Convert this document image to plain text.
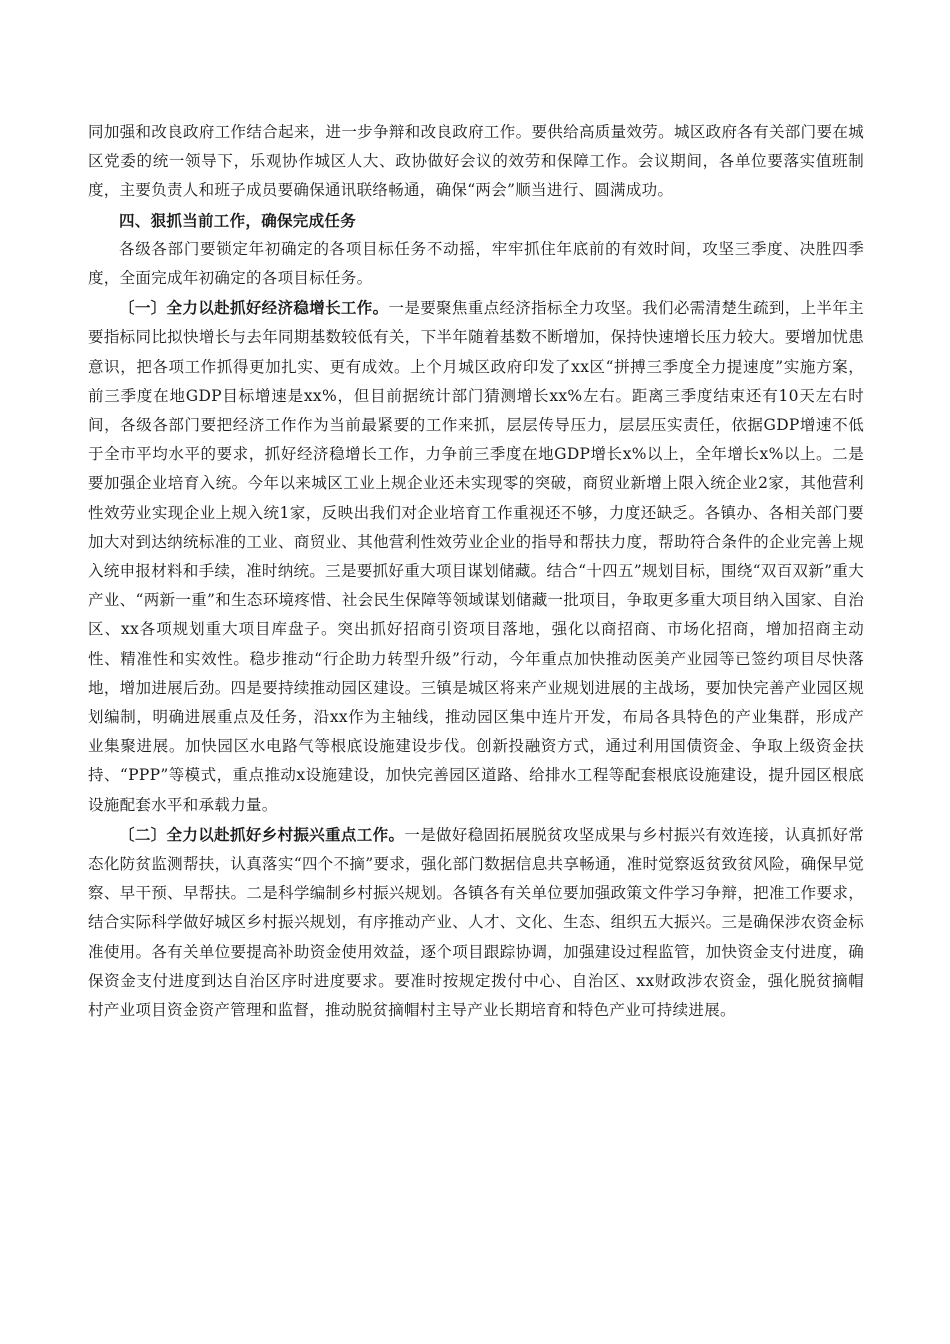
同加强和改良政府工作结合起来，进一步争辩和改良政府工作。要供给高质量效劳。城区政府各有关部门要在城区党委的统一领导下，乐观协作城区人大、政协做好会议的效劳和保障工作。会议期间，各单位要落实值班制度，主要负责人和班子成员要确保通讯联络畅通，确保“两会”顺当进行、圆满成功。

四、狠抓当前工作，确保完成任务

各级各部门要锁定年初确定的各项目标任务不动摇，牢牢抓住年底前的有效时间，攻坚三季度、决胜四季度，全面完成年初确定的各项目标任务。

〔一〕全力以赴抓好经济稳增长工作。一是要聚焦重点经济指标全力攻坚。我们必需清楚生疏到，上半年主要指标同比拟快增长与去年同期基数较低有关，下半年随着基数不断增加，保持快速增长压力较大。要增加忧患意识，把各项工作抓得更加扎实、更有成效。上个月城区政府印发了xx区“拼搏三季度全力提速度”实施方案，前三季度在地GDP目标增速是xx%，但目前据统计部门猜测增长xx%左右。距离三季度结束还有10天左右时间，各级各部门要把经济工作作为当前最紧要的工作来抓，层层传导压力，层层压实责任，依据GDP增速不低于全市平均水平的要求，抓好经济稳增长工作，力争前三季度在地GDP增长x%以上，全年增长x%以上。二是要加强企业培育入统。今年以来城区工业上规企业还未实现零的突破，商贸业新增上限入统企业2家，其他营利性效劳业实现企业上规入统1家，反映出我们对企业培育工作重视还不够，力度还缺乏。各镇办、各相关部门要加大对到达纳统标准的工业、商贸业、其他营利性效劳业企业的指导和帮扶力度，帮助符合条件的企业完善上规入统申报材料和手续，准时纳统。三是要抓好重大项目谋划储藏。结合“十四五”规划目标，围绕“双百双新”重大产业、“两新一重”和生态环境疼惜、社会民生保障等领域谋划储藏一批项目，争取更多重大项目纳入国家、自治区、xx各项规划重大项目库盘子。突出抓好招商引资项目落地，强化以商招商、市场化招商，增加招商主动性、精准性和实效性。稳步推动“行企助力转型升级”行动，今年重点加快推动医美产业园等已签约项目尽快落地，增加进展后劲。四是要持续推动园区建设。三镇是城区将来产业规划进展的主战场，要加快完善产业园区规划编制，明确进展重点及任务，沿xx作为主轴线，推动园区集中连片开发，布局各具特色的产业集群，形成产业集聚进展。加快园区水电路气等根底设施建设步伐。创新投融资方式，通过利用国债资金、争取上级资金扶持、“PPP”等模式，重点推动x设施建设，加快完善园区道路、给排水工程等配套根底设施建设，提升园区根底设施配套水平和承载力量。

〔二〕全力以赴抓好乡村振兴重点工作。一是做好稳固拓展脱贫攻坚成果与乡村振兴有效连接，认真抓好常态化防贫监测帮扶，认真落实“四个不摘”要求，强化部门数据信息共享畅通，准时觉察返贫致贫风险，确保早觉察、早干预、早帮扶。二是科学编制乡村振兴规划。各镇各有关单位要加强政策文件学习争辩，把准工作要求，结合实际科学做好城区乡村振兴规划，有序推动产业、人才、文化、生态、组织五大振兴。三是确保涉农资金标准使用。各有关单位要提高补助资金使用效益，逐个项目跟踪协调，加强建设过程监管，加快资金支付进度，确保资金支付进度到达自治区序时进度要求。要准时按规定拨付中心、自治区、xx财政涉农资金，强化脱贫摘帽村产业项目资金资产管理和监督，推动脱贫摘帽村主导产业长期培育和特色产业可持续进展。
